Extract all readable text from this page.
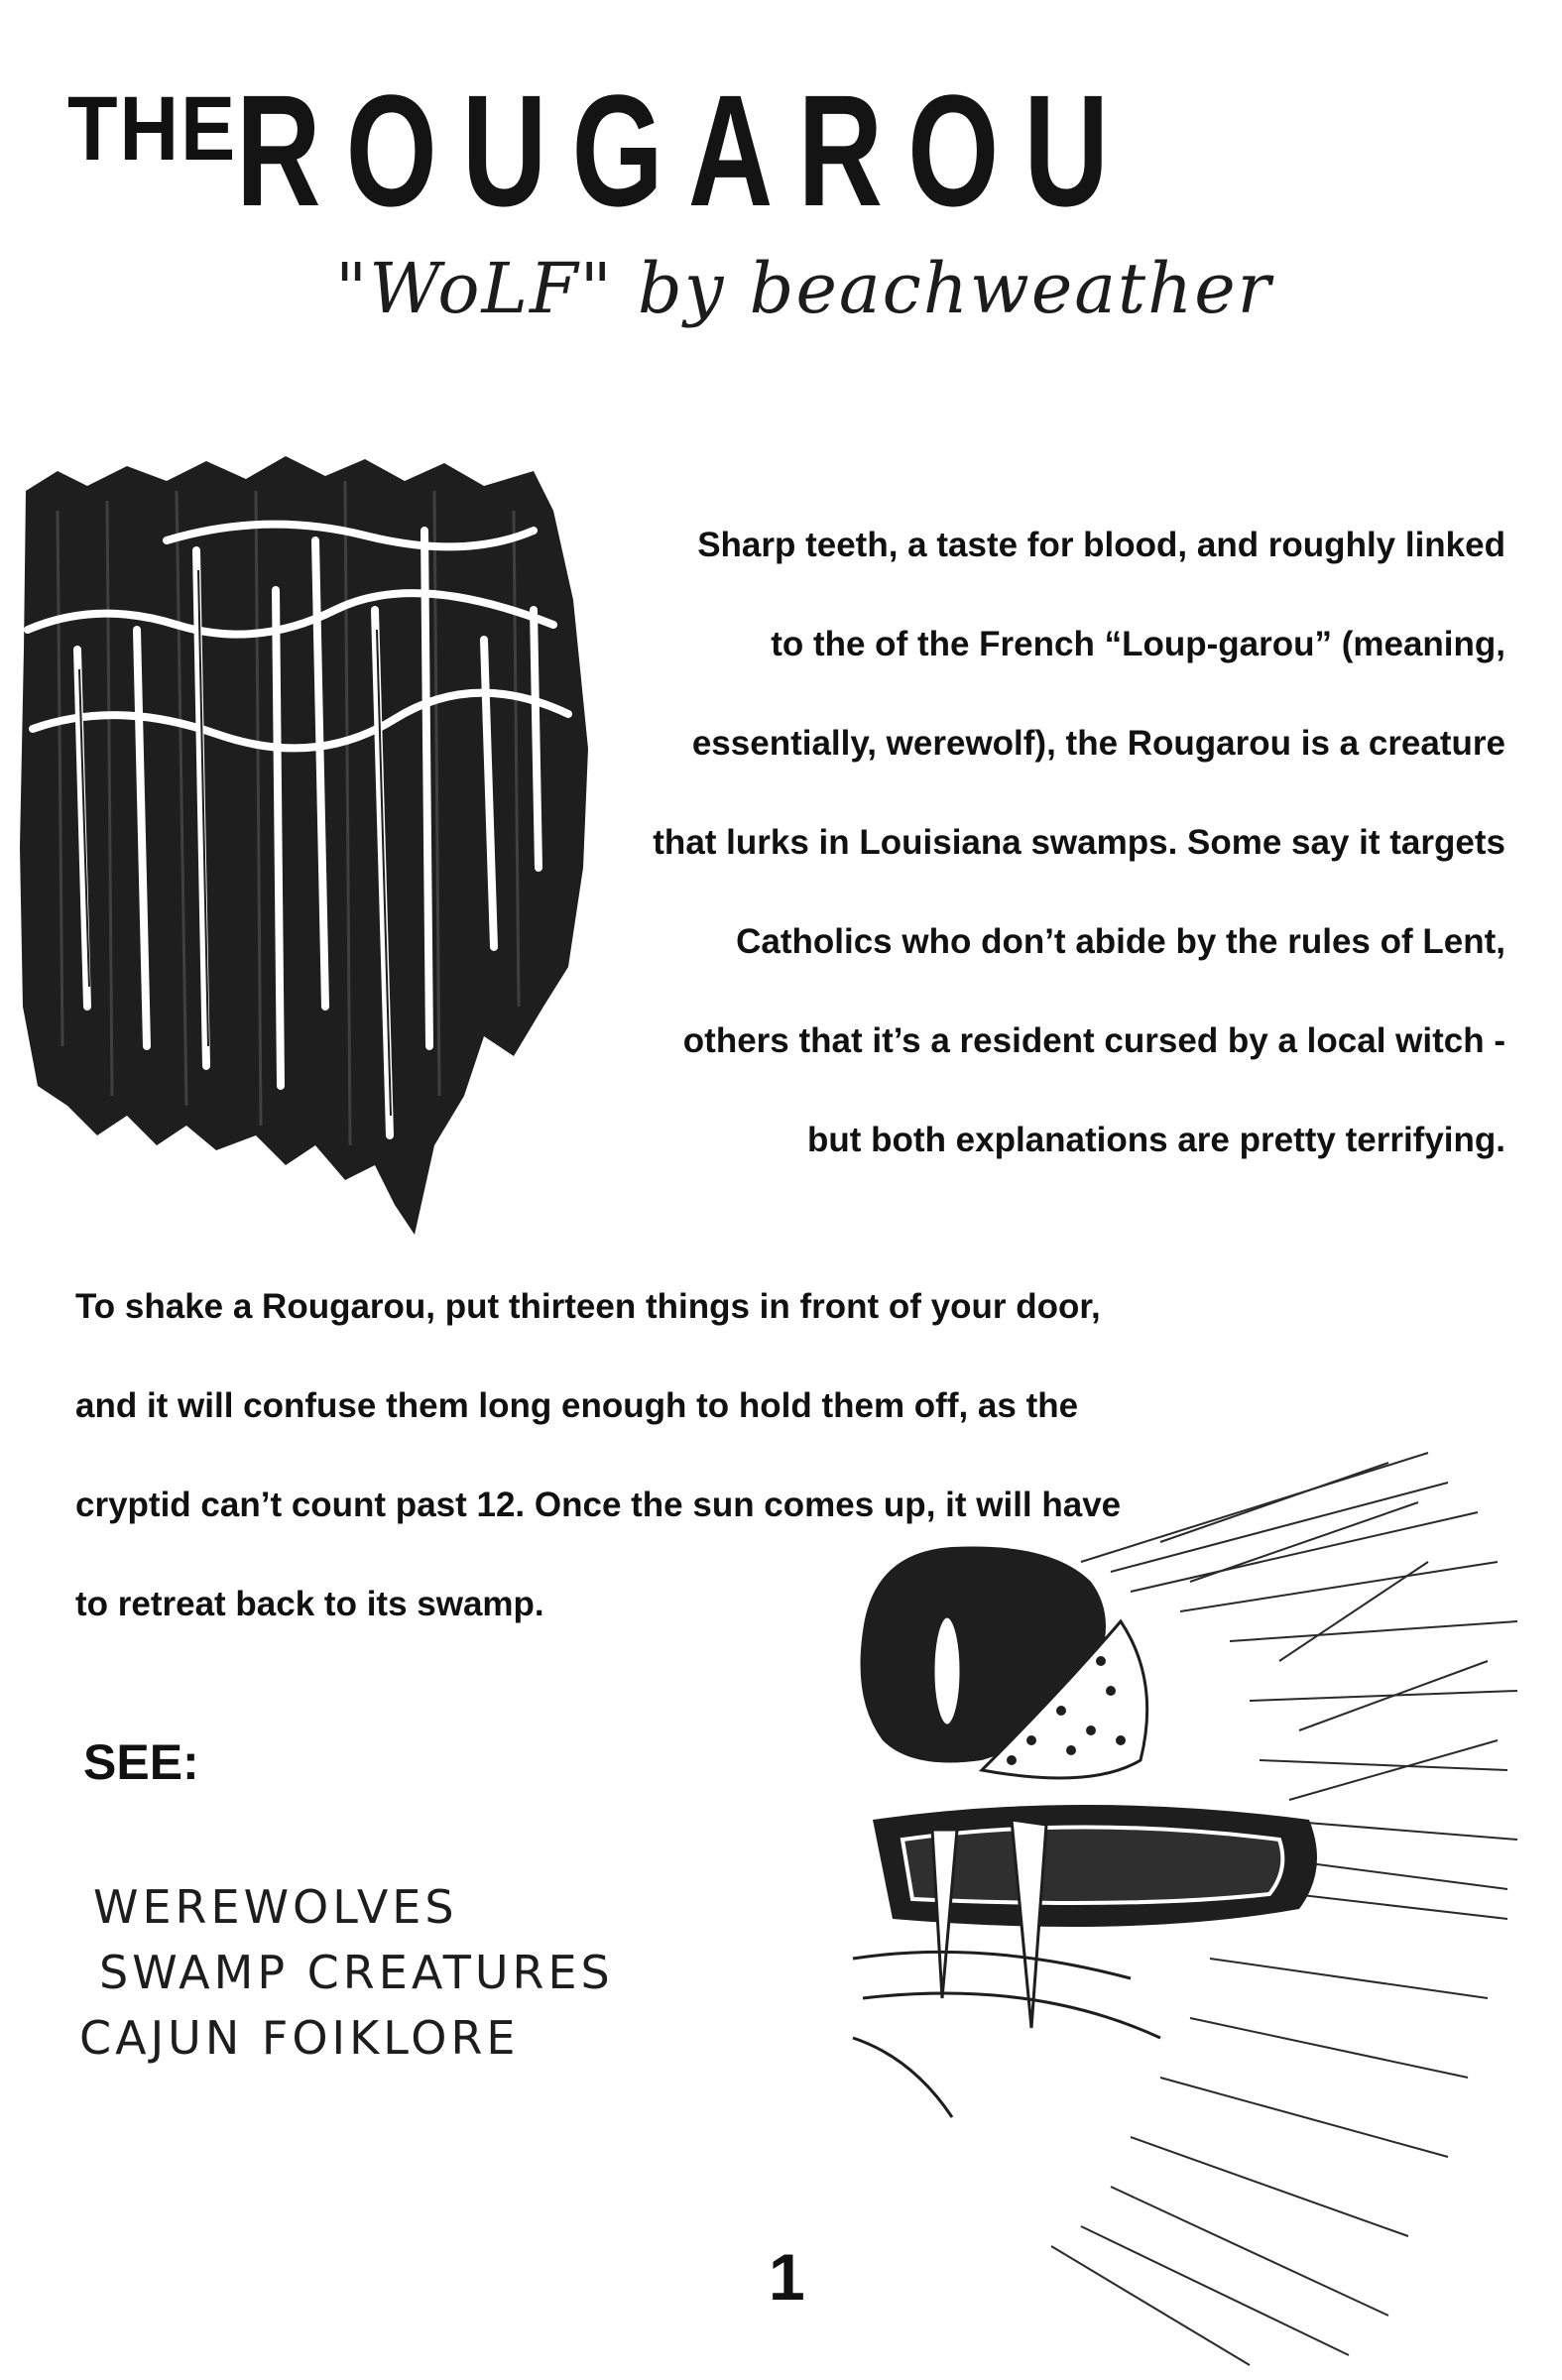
THE ROUGAROU
"WoLF" by beachweather
Sharp teeth, a taste for blood, and roughly linked
to the of the French “Loup-garou” (meaning,
essentially, werewolf), the Rougarou is a creature
that lurks in Louisiana swamps. Some say it targets
Catholics who don’t abide by the rules of Lent,
others that it’s a resident cursed by a local witch -
but both explanations are pretty terrifying.
To shake a Rougarou, put thirteen things in front of your door,
and it will confuse them long enough to hold them off, as the
cryptid can’t count past 12. Once the sun comes up, it will have
to retreat back to its swamp.
SEE:
WEREWOLVES
SWAMP CREATURES
CAJUN FOIKLORE
1
